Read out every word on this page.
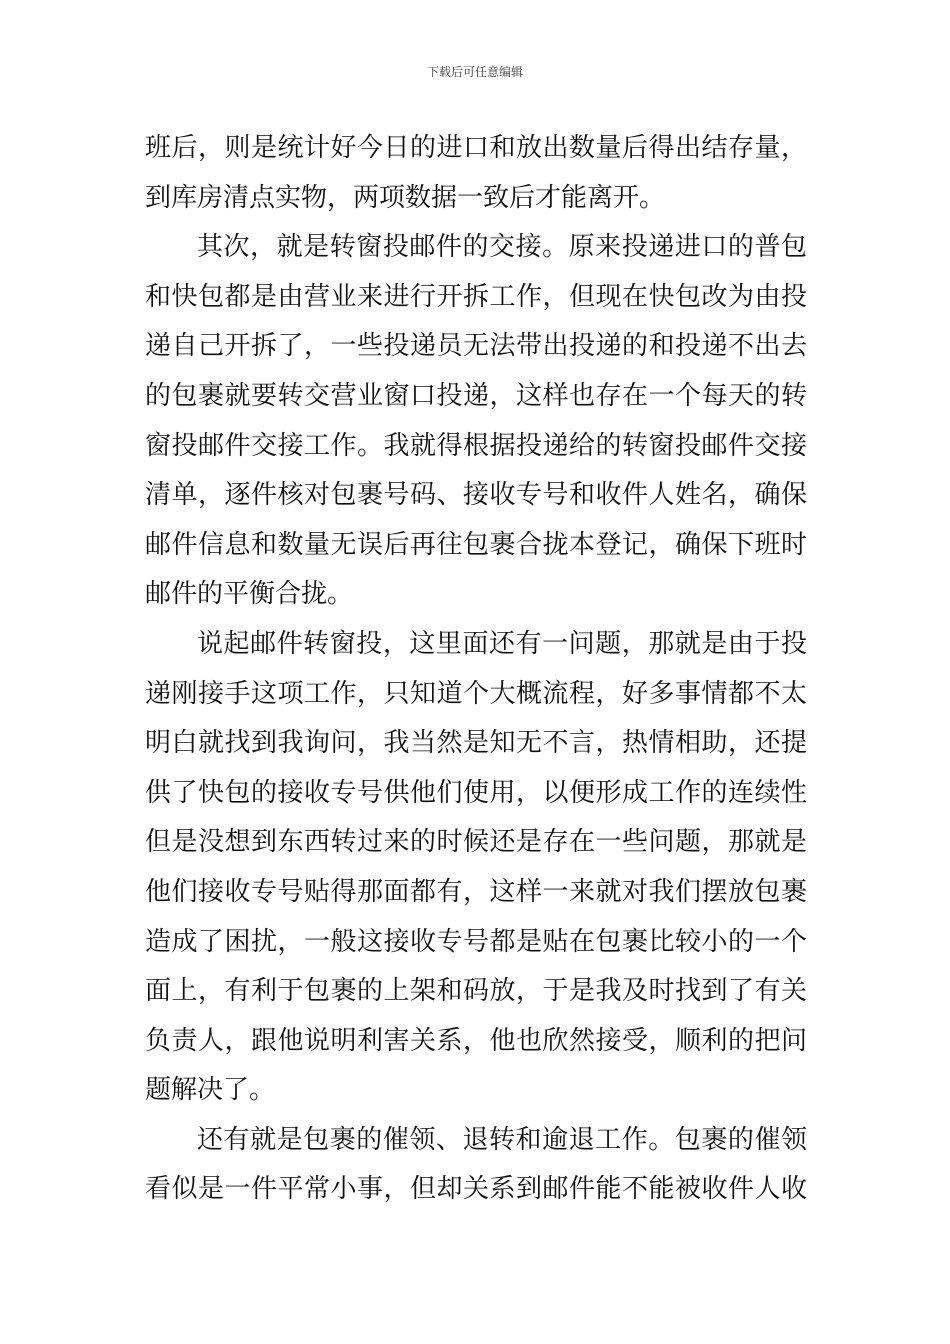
下载后可任意编辑
班后，则是统计好今日的进口和放出数量后得出结存量，
到库房清点实物，两项数据一致后才能离开。
其次，就是转窗投邮件的交接。原来投递进口的普包
和快包都是由营业来进行开拆工作，但现在快包改为由投
递自己开拆了，一些投递员无法带出投递的和投递不出去
的包裹就要转交营业窗口投递，这样也存在一个每天的转
窗投邮件交接工作。我就得根据投递给的转窗投邮件交接
清单，逐件核对包裹号码、接收专号和收件人姓名，确保
邮件信息和数量无误后再往包裹合拢本登记，确保下班时
邮件的平衡合拢。
说起邮件转窗投，这里面还有一问题，那就是由于投
递刚接手这项工作，只知道个大概流程，好多事情都不太
明白就找到我询问，我当然是知无不言，热情相助，还提
供了快包的接收专号供他们使用，以便形成工作的连续性
但是没想到东西转过来的时候还是存在一些问题，那就是
他们接收专号贴得那面都有，这样一来就对我们摆放包裹
造成了困扰，一般这接收专号都是贴在包裹比较小的一个
面上，有利于包裹的上架和码放，于是我及时找到了有关
负责人，跟他说明利害关系，他也欣然接受，顺利的把问
题解决了。
还有就是包裹的催领、退转和逾退工作。包裹的催领
看似是一件平常小事，但却关系到邮件能不能被收件人收
